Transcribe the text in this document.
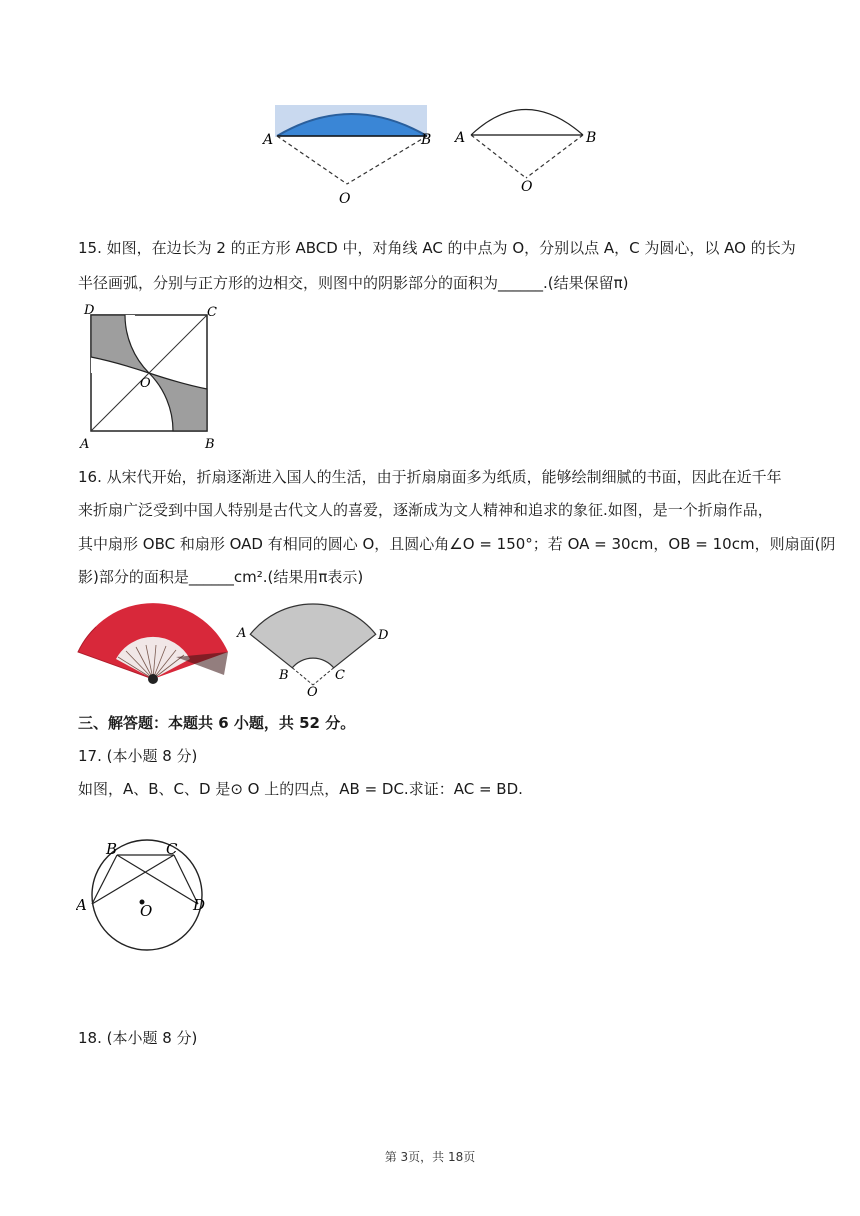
A	B
O
A	B
O
15. 如图，在边长为 2 的正方形 ABCD 中，对角线 AC 的中点为 O，分别以点 A，C 为圆心，以 AO 的长为
半径画弧，分别与正方形的边相交，则图中的阴影部分的面积为______.(结果保留π)
D	C
O
A	B
16. 从宋代开始，折扇逐渐进入国人的生活，由于折扇扇面多为纸质，能够绘制细腻的书面，因此在近千年
来折扇广泛受到中国人特别是古代文人的喜爱，逐渐成为文人精神和追求的象征.如图，是一个折扇作品，
其中扇形 OBC 和扇形 OAD 有相同的圆心 O，且圆心角∠O = 150°；若 OA = 30cm，OB = 10cm，则扇面(阴
影)部分的面积是______cm².(结果用π表示)
A	D
B	C
O
三、解答题：本题共 6 小题，共 52 分。
17. (本小题 8 分)
如图，A、B、C、D 是⊙ O 上的四点，AB = DC.求证：AC = BD.
B	C
A	D
O
18. (本小题 8 分)
第 3页，共 18页
